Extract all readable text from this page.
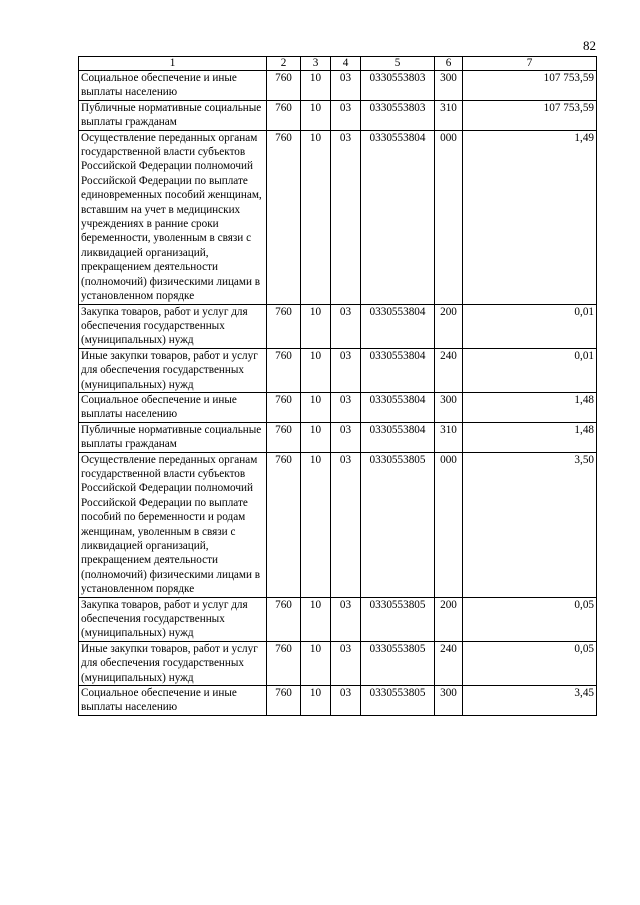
82
1	2	3	4	5	6	7
Социальное обеспечение и иные выплаты населению	760	10	03	0330553803	300	107 753,59
Публичные нормативные социальные выплаты гражданам	760	10	03	0330553803	310	107 753,59
Осуществление переданных органам государственной власти субъектов Российской Федерации полномочий Российской Федерации по выплате единовременных пособий женщинам, вставшим на учет в медицинских учреждениях в ранние сроки беременности, уволенным в связи с ликвидацией организаций, прекращением деятельности (полномочий) физическими лицами в установленном порядке	760	10	03	0330553804	000	1,49
Закупка товаров, работ и услуг для обеспечения государственных (муниципальных) нужд	760	10	03	0330553804	200	0,01
Иные закупки товаров, работ и услуг для обеспечения государственных (муниципальных) нужд	760	10	03	0330553804	240	0,01
Социальное обеспечение и иные выплаты населению	760	10	03	0330553804	300	1,48
Публичные нормативные социальные выплаты гражданам	760	10	03	0330553804	310	1,48
Осуществление переданных органам государственной власти субъектов Российской Федерации полномочий Российской Федерации по выплате пособий по беременности и родам женщинам, уволенным в связи с ликвидацией организаций, прекращением деятельности (полномочий) физическими лицами в установленном порядке	760	10	03	0330553805	000	3,50
Закупка товаров, работ и услуг для обеспечения государственных (муниципальных) нужд	760	10	03	0330553805	200	0,05
Иные закупки товаров, работ и услуг для обеспечения государственных (муниципальных) нужд	760	10	03	0330553805	240	0,05
Социальное обеспечение и иные выплаты населению	760	10	03	0330553805	300	3,45
